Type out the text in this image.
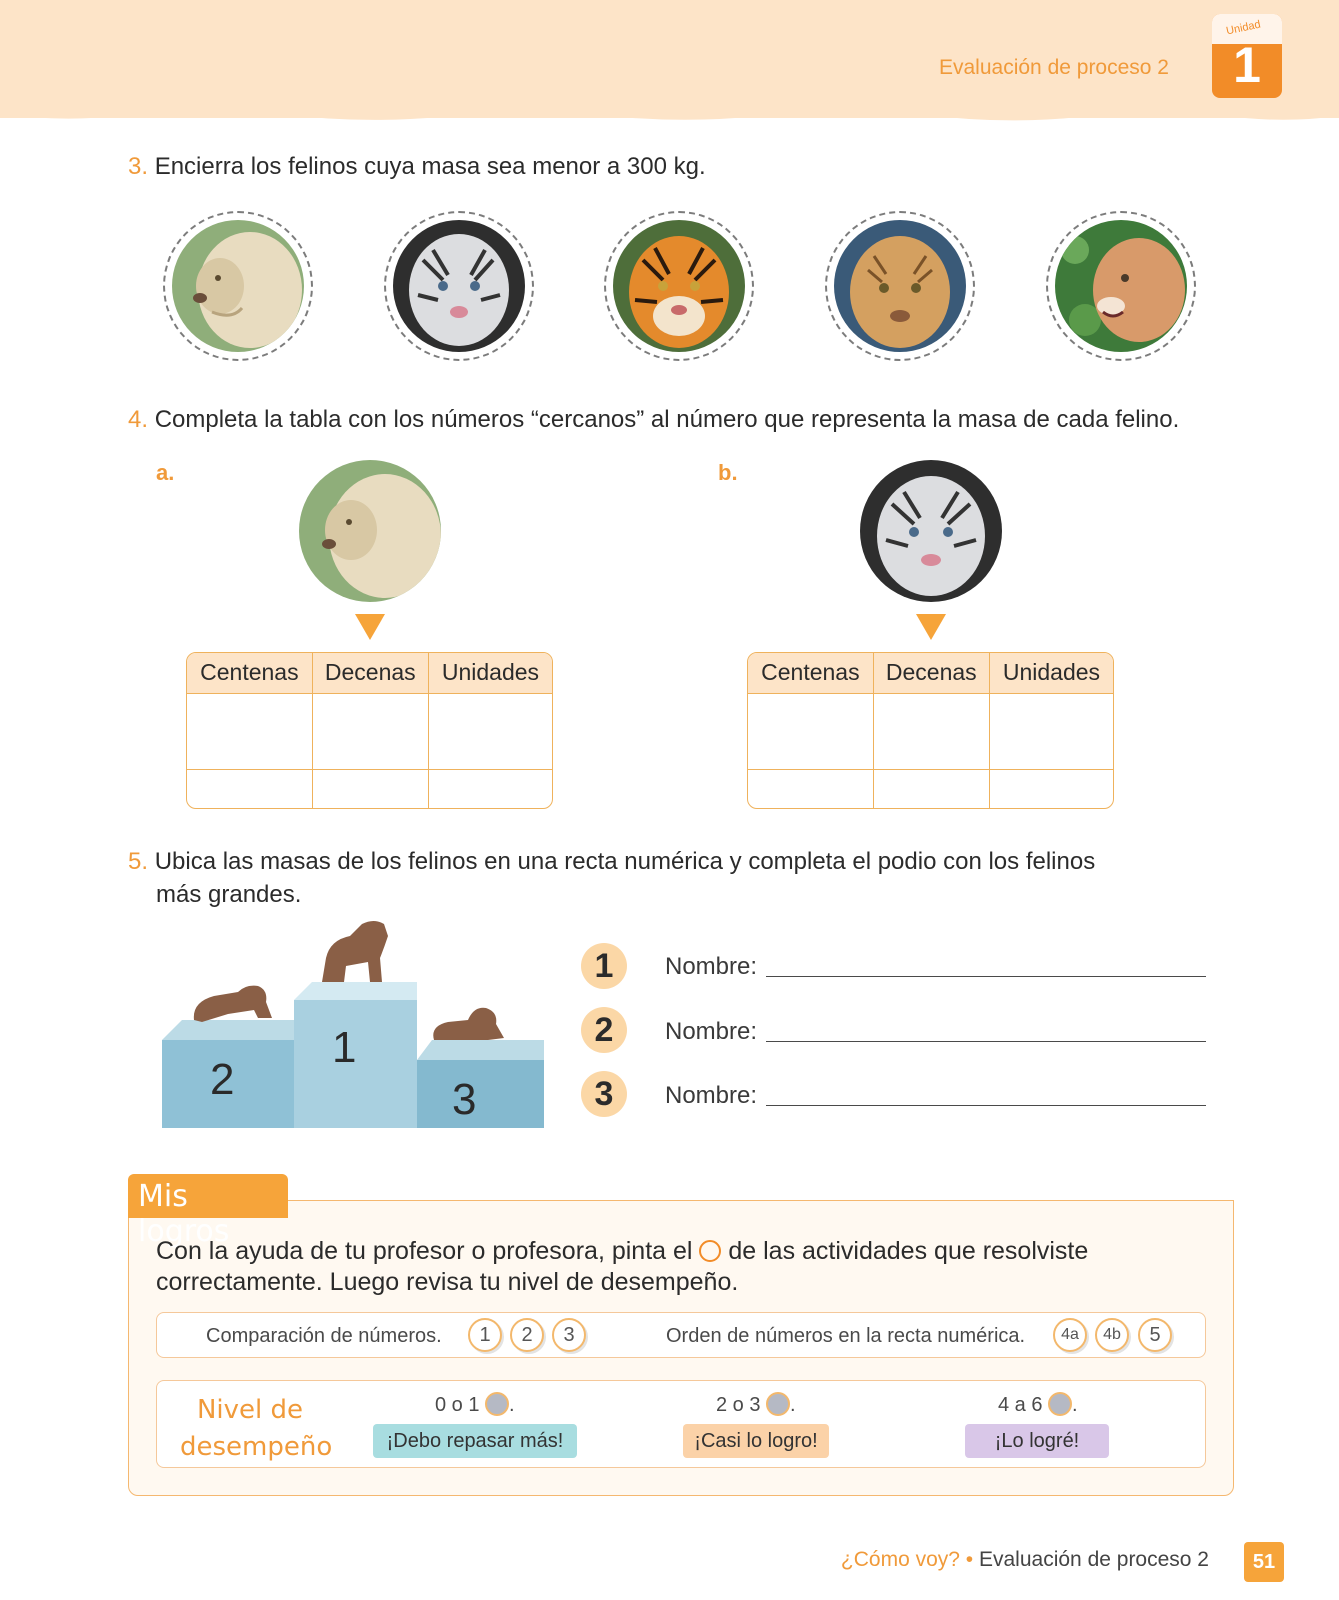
Evaluación de proceso 2
Unidad
1
3. Encierra los felinos cuya masa sea menor a 300 kg.
4. Completa la tabla con los números “cercanos” al número que representa la masa de cada felino.
a.
Centenas	Decenas	Unidades

b.
Centenas	Decenas	Unidades

5. Ubica las masas de los felinos en una recta numérica y completa el podio con los felinos
más grandes.
2
1
3
1	Nombre:
2	Nombre:
3	Nombre:
Mis logros
Con la ayuda de tu profesor o profesora, pinta el de las actividades que resolviste
correctamente. Luego revisa tu nivel de desempeño.
Comparación de números.	1	2	3	Orden de números en la recta numérica.	4a	4b	5
Nivel de
desempeño
0 o 1 .
¡Debo repasar más!
2 o 3 .
¡Casi lo logro!
4 a 6 .
¡Lo logré!
¿Cómo voy? • Evaluación de proceso 2	51
